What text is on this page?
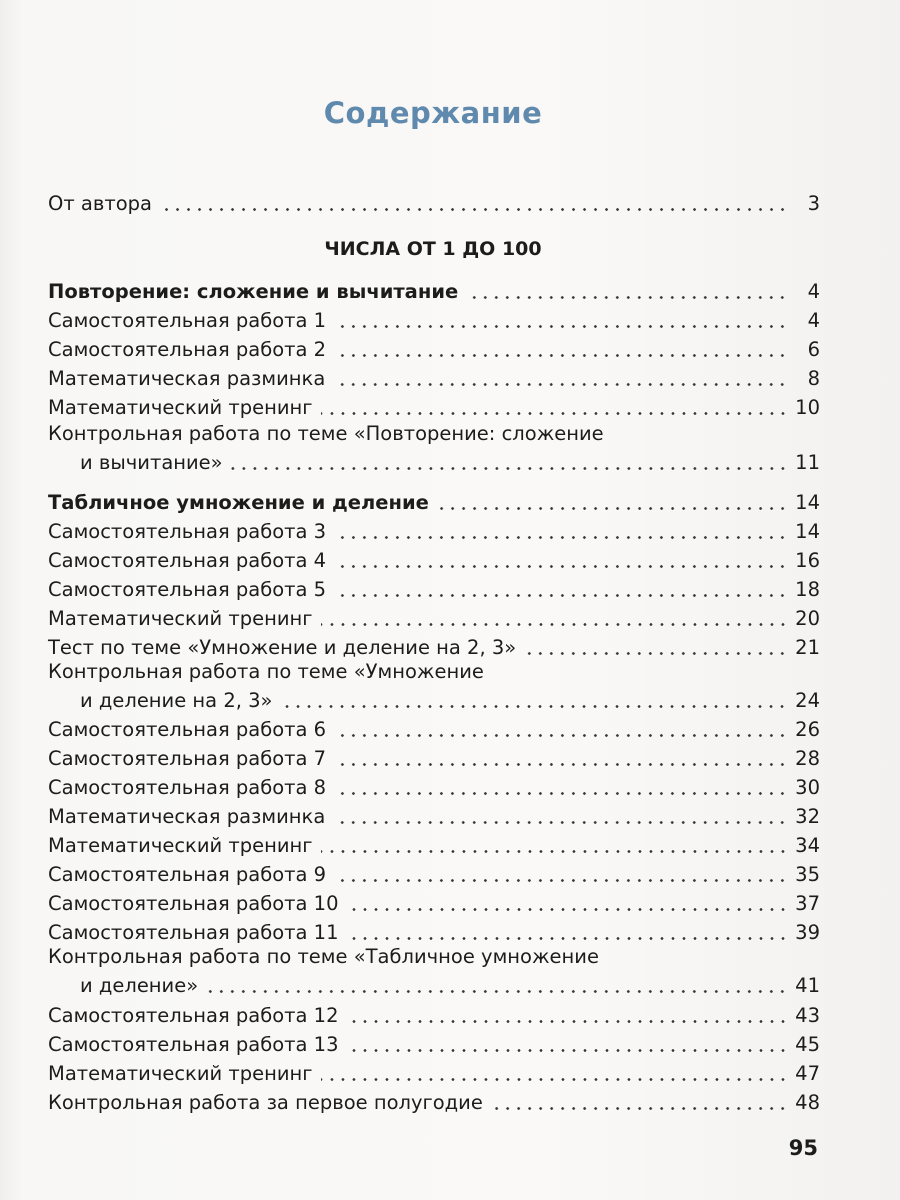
Содержание
ЧИСЛА ОТ 1 ДО 100
От автора	3
Повторение: сложение и вычитание	4
Самостоятельная работа 1	4
Самостоятельная работа 2	6
Математическая разминка	8
Математический тренинг	10
Контрольная работа по теме «Повторение: сложение
и вычитание»	11
Табличное умножение и деление	14
Самостоятельная работа 3	14
Самостоятельная работа 4	16
Самостоятельная работа 5	18
Математический тренинг	20
Тест по теме «Умножение и деление на 2, 3»	21
Контрольная работа по теме «Умножение
и деление на 2, 3»	24
Самостоятельная работа 6	26
Самостоятельная работа 7	28
Самостоятельная работа 8	30
Математическая разминка	32
Математический тренинг	34
Самостоятельная работа 9	35
Самостоятельная работа 10	37
Самостоятельная работа 11	39
Контрольная работа по теме «Табличное умножение
и деление»	41
Самостоятельная работа 12	43
Самостоятельная работа 13	45
Математический тренинг	47
Контрольная работа за первое полугодие	48
95
